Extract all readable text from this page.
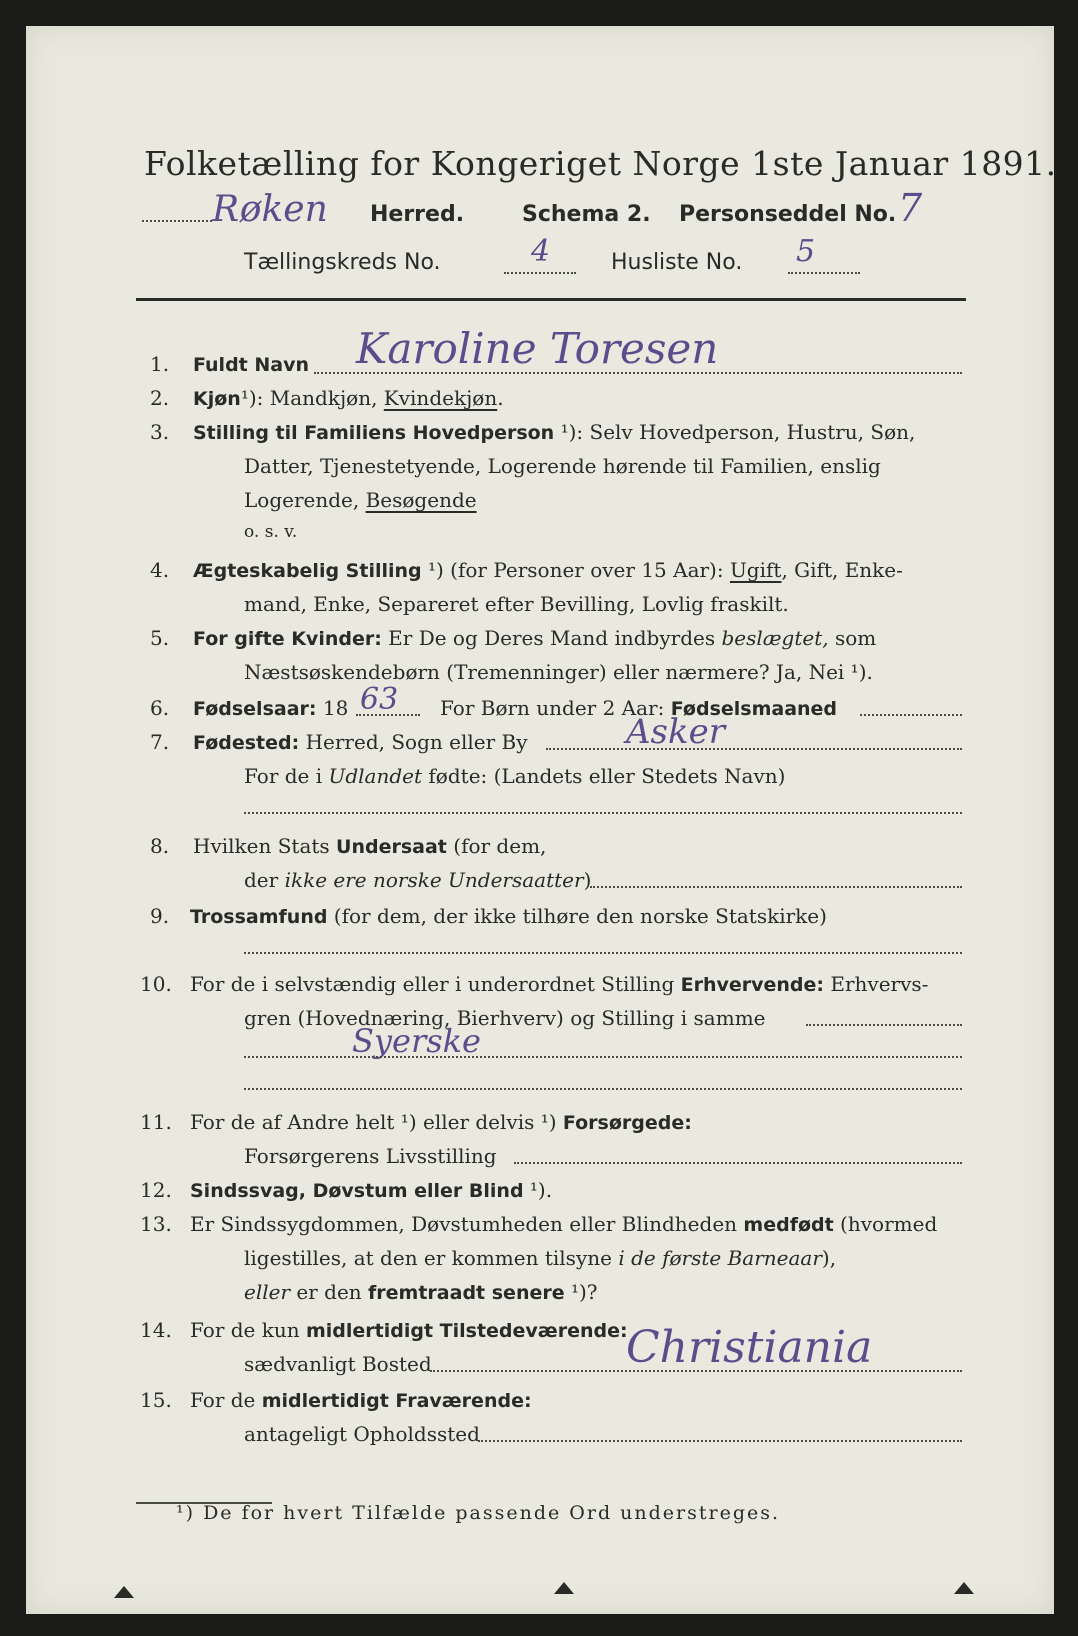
Folketælling for Kongeriget Norge 1ste Januar 1891.
Røken Herred.	Schema 2. Personseddel No. 7
Tællingskreds No.	4	Husliste No. 5
1. Fuldt Navn Karoline Toresen
2. Kjøn¹): Mandkjøn, Kvindekjøn.
3. Stilling til Familiens Hovedperson ¹): Selv Hovedperson, Hustru, Søn,
Datter, Tjenestetyende, Logerende hørende til Familien, enslig
Logerende, Besøgende
o. s. v.
4. Ægteskabelig Stilling ¹) (for Personer over 15 Aar): Ugift, Gift, Enke-
mand, Enke, Separeret efter Bevilling, Lovlig fraskilt.
5. For gifte Kvinder: Er De og Deres Mand indbyrdes beslægtet, som
Næstsøskendebørn (Tremenninger) eller nærmere? Ja, Nei ¹).
6. Fødselsaar: 18 63 For Børn under 2 Aar: Fødselsmaaned
7. Fødested: Herred, Sogn eller By	Asker
For de i Udlandet fødte: (Landets eller Stedets Navn)
8. Hvilken Stats Undersaat (for dem,
der ikke ere norske Undersaatter)
9. Trossamfund (for dem, der ikke tilhøre den norske Statskirke)
10. For de i selvstændig eller i underordnet Stilling Erhvervende: Erhvervs-
gren (Hovednæring, Bierhverv) og Stilling i samme
Syerske
11. For de af Andre helt ¹) eller delvis ¹) Forsørgede:
Forsørgerens Livsstilling
12. Sindssvag, Døvstum eller Blind ¹).
13. Er Sindssygdommen, Døvstumheden eller Blindheden medfødt (hvormed
ligestilles, at den er kommen tilsyne i de første Barneaar),
eller er den fremtraadt senere ¹)?
14. For de kun midlertidigt Tilstedeværende:
sædvanligt Bosted	Christiania
15. For de midlertidigt Fraværende:
antageligt Opholdssted
¹) De for hvert Tilfælde passende Ord understreges.
